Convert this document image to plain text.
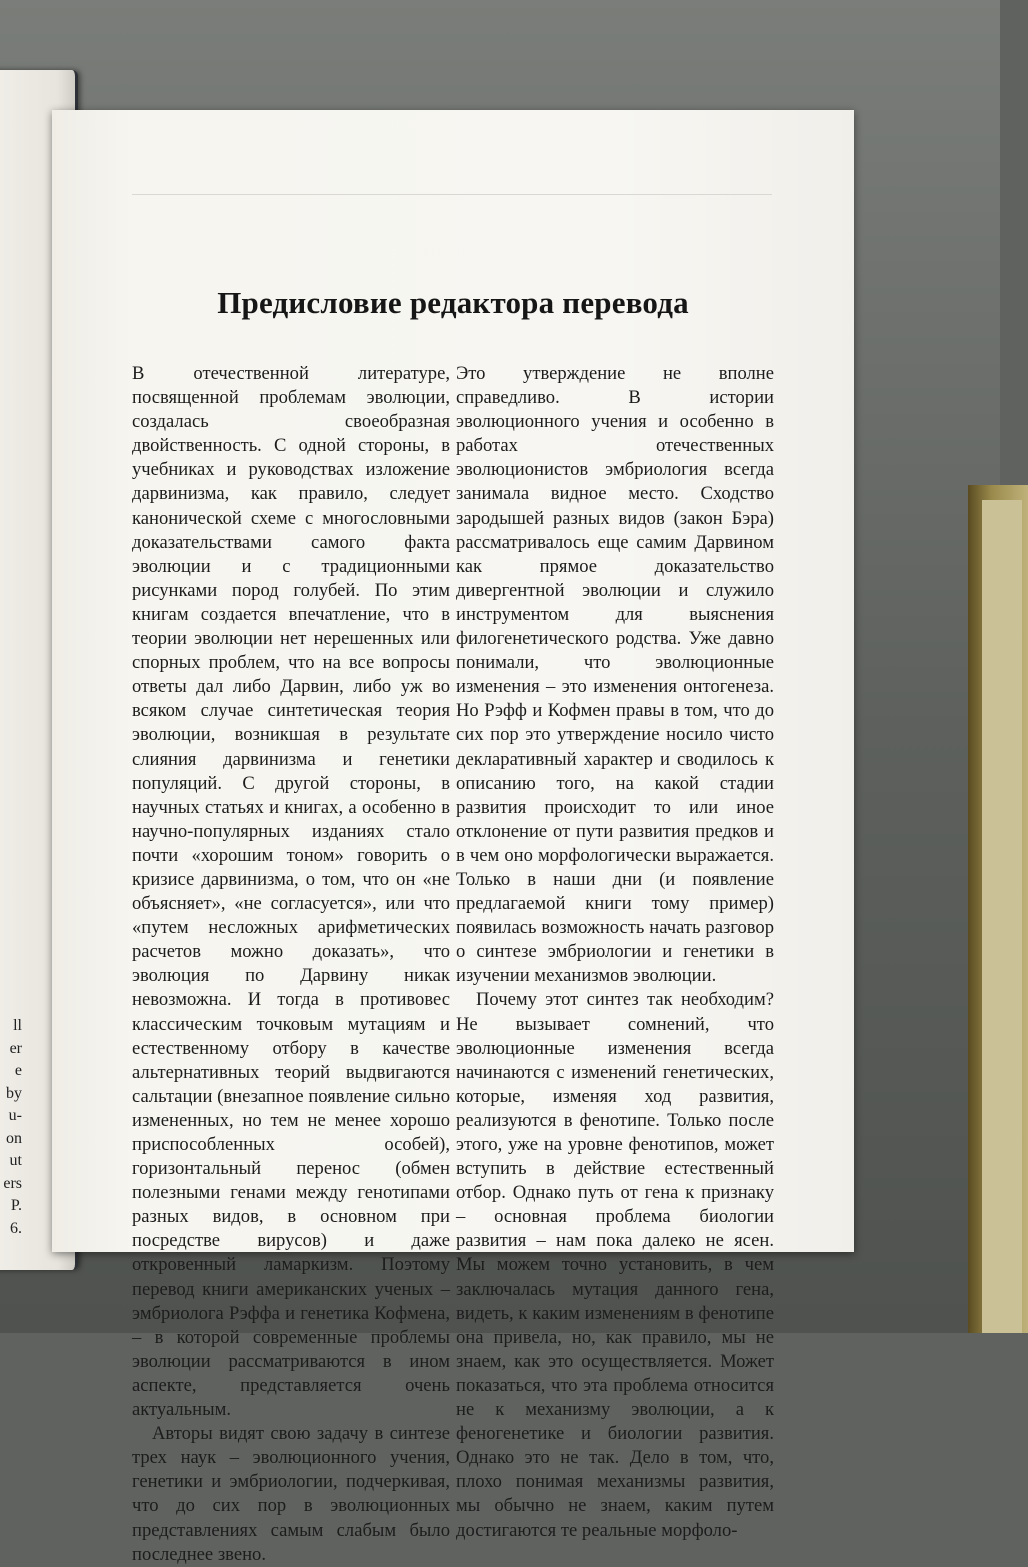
ll
er
e
by
u-
on
ut
ers
P.
6.
Предисловие редактора перевода

В отечественной литературе, посвященной проблемам эволюции, создалась своеобразная двойственность. С одной стороны, в учебниках и руководствах изложение дарвинизма, как правило, следует канонической схеме с многословными доказательствами самого факта эволюции и с традиционными рисунками пород голубей. По этим книгам создается впечатление, что в теории эволюции нет нерешенных или спорных проблем, что на все вопросы ответы дал либо Дарвин, либо уж во всяком случае синтетическая теория эволюции, возникшая в результате слияния дарвинизма и генетики популяций. С другой стороны, в научных статьях и книгах, а особенно в научно-популярных изданиях стало почти «хорошим тоном» говорить о кризисе дарвинизма, о том, что он «не объясняет», «не согласуется», или что «путем несложных арифметических расчетов можно доказать», что эволюция по Дарвину никак невозможна. И тогда в противовес классическим точковым мутациям и естественному отбору в качестве альтернативных теорий выдвигаются сальтации (внезапное появление сильно измененных, но тем не менее хорошо приспособленных особей), горизонтальный перенос (обмен полезными генами между генотипами разных видов, в основном при посредстве вирусов) и даже откровенный ламаркизм. Поэтому перевод книги американских ученых – эмбриолога Рэффа и генетика Кофмена, – в которой современные проблемы эволюции рассматриваются в ином аспекте, представляется очень актуальным.

Авторы видят свою задачу в синтезе трех наук – эволюционного учения, генетики и эмбриологии, подчеркивая, что до сих пор в эволюционных представлениях самым слабым было последнее звено.

Это утверждение не вполне справедливо. В истории эволюционного учения и особенно в работах отечественных эволюционистов эмбриология всегда занимала видное место. Сходство зародышей разных видов (закон Бэра) рассматривалось еще самим Дарвином как прямое доказательство дивергентной эволюции и служило инструментом для выяснения филогенетического родства. Уже давно понимали, что эволюционные изменения – это изменения онтогенеза. Но Рэфф и Кофмен правы в том, что до сих пор это утверждение носило чисто декларативный характер и сводилось к описанию того, на какой стадии развития происходит то или иное отклонение от пути развития предков и в чем оно морфологически выражается. Только в наши дни (и появление предлагаемой книги тому пример) появилась возможность начать разговор о синтезе эмбриологии и генетики в изучении механизмов эволюции.

Почему этот синтез так необходим? Не вызывает сомнений, что эволюционные изменения всегда начинаются с изменений генетических, которые, изменяя ход развития, реализуются в фенотипе. Только после этого, уже на уровне фенотипов, может вступить в действие естественный отбор. Однако путь от гена к признаку – основная проблема биологии развития – нам пока далеко не ясен. Мы можем точно установить, в чем заключалась мутация данного гена, видеть, к каким изменениям в фенотипе она привела, но, как правило, мы не знаем, как это осуществляется. Может показаться, что эта проблема относится не к механизму эволюции, а к феногенетике и биологии развития. Однако это не так. Дело в том, что, плохо понимая механизмы развития, мы обычно не знаем, каким путем достигаются те реальные морфоло-
